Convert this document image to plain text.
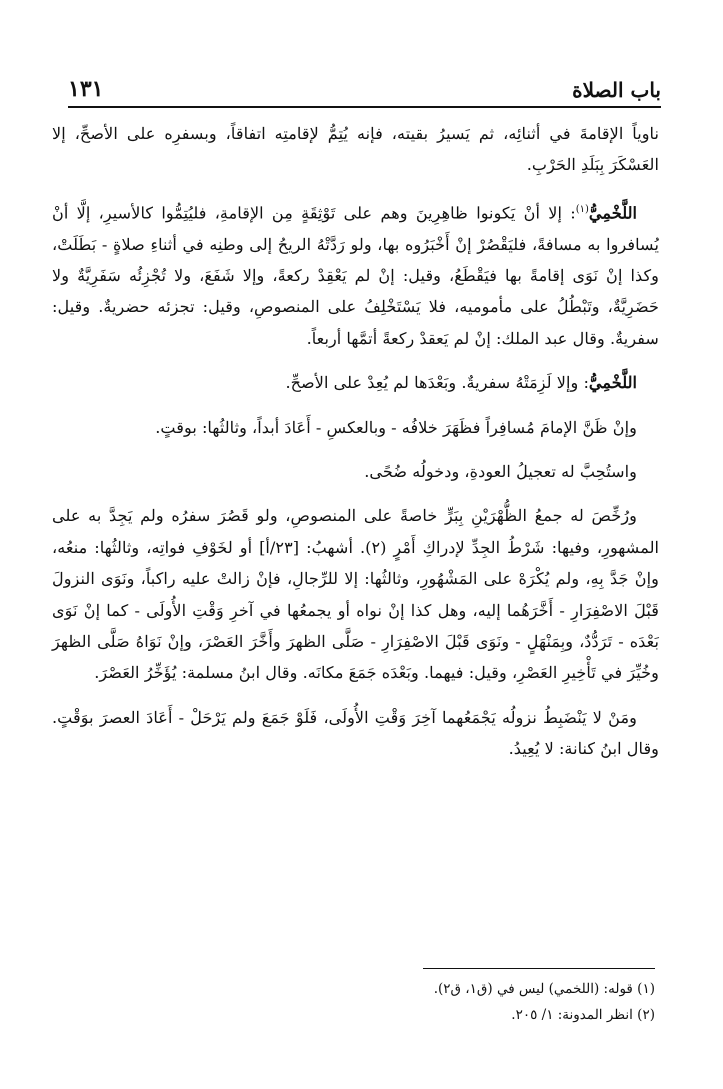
باب الصلاة
١٣١

ناوياً الإقامةَ في أثنائِه، ثم يَسيرُ بقيته، فإنه يُتِمُّ لإقامتِه اتفاقاً، وبسفرِه على الأصحِّ، إلا العَسْكَرَ بِبَلَدِ الحَرْبِ.

اللَّخْمِيُّ$^{(١)}$: إلا أنْ يَكونوا ظاهِرِينَ وهم على تَوْثِقَةٍ مِن الإقامةِ، فليُتِمُّوا كالأسيرِ، إلَّا أنْ يُسافروا به مسافةً، فليَقْصُرْ إنْ أَخْبَرُوه بها، ولو رَدَّتْهُ الريحُ إلى وطنِه في أثناءِ صلاةٍ - بَطَلَتْ، وكذا إنْ نَوَى إقامةً بها فيَقْطَعُ، وقيل: إنْ لم يَعْقِدْ ركعةً، وإلا شَفَعَ، ولا تُجْزِئُه سَفَرِيَّةٌ ولا حَضَرِيَّةٌ، وتَبْطُلُ على مأموميه، فلا يَسْتَخْلِفُ على المنصوصِ، وقيل: تجزئه حضريةٌ. وقيل: سفريةٌ. وقال عبد الملك: إنْ لم يَعقدْ ركعةً أتمَّها أربعاً.

اللَّخْمِيُّ: وإلا لَزِمَتْهُ سفريةٌ. وبَعْدَها لم يُعِدْ على الأصحِّ.

وإنْ ظَنَّ الإمامَ مُسافِراً فظَهَرَ خلافُه - وبالعكسِ - أَعَادَ أبداً، وثالثُها: بوقتٍ.

واستُحِبَّ له تعجيلُ العودةِ، ودخولُه ضُحًى.

ورُخِّصَ له جمعُ الظُّهْرَيْنِ بِبَرٍّ خاصةً على المنصوصِ، ولو قَصُرَ سفرُه ولم يَجِدَّ به على المشهورِ، وفيها: شَرْطُ الجِدِّ لإدراكِ أَمْرٍ (٢). أشهبُ: [٢٣/أ] أو لخَوْفِ فواتِه، وثالثُها: منعُه، وإنْ جَدَّ بِهِ، ولم يُكْرَهْ على المَشْهُورِ، وثالثُها: إلا للرِّجالِ، فإنْ زالتْ عليه راكباً، ونَوَى النزولَ قَبْلَ الاصْفِرَارِ - أَخَّرَهُما إليه، وهل كذا إنْ نواه أو يجمعُها في آخرِ وَقْتِ الأُولَى - كما إنْ نَوَى بَعْدَه - تَرَدُّدٌ، وبِمَنْهَلٍ - ونَوَى قَبْلَ الاصْفِرَارِ - صَلَّى الظهرَ وأَخَّرَ العَصْرَ، وإنْ نَوَاهُ صَلَّى الظهرَ وخُيِّرَ في تَأْخِيرِ العَصْرِ، وقيل: فيهما. وبَعْدَه جَمَعَ مكانَه. وقال ابنُ مسلمة: يُؤَخِّرُ العَصْرَ.

ومَنْ لا يَنْضَبِطُ نزولُه يَجْمَعُهما آخِرَ وَقْتِ الأُولَى، فَلَوْ جَمَعَ ولم يَرْحَلْ - أَعَادَ العصرَ بوَقْتٍ. وقال ابنُ كنانة: لا يُعِيدُ.

(١) قوله: (اللخمي) ليس في (ق١، ق٢).
(٢) انظر المدونة: ١/ ٢٠٥.
